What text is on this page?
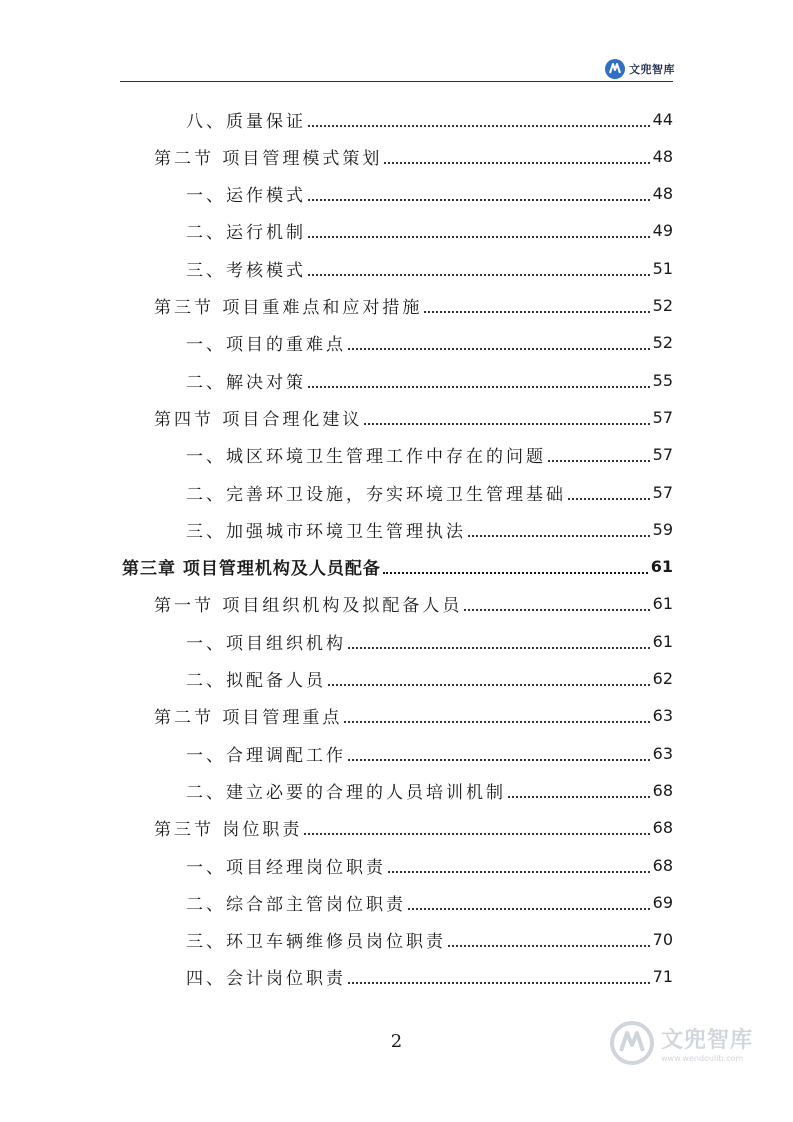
文兜智库
八、质量保证	44
第二节 项目管理模式策划	48
一、运作模式	48
二、运行机制	49
三、考核模式	51
第三节 项目重难点和应对措施	52
一、项目的重难点	52
二、解决对策	55
第四节 项目合理化建议	57
一、城区环境卫生管理工作中存在的问题	57
二、完善环卫设施，夯实环境卫生管理基础	57
三、加强城市环境卫生管理执法	59
第三章 项目管理机构及人员配备	61
第一节 项目组织机构及拟配备人员	61
一、项目组织机构	61
二、拟配备人员	62
第二节 项目管理重点	63
一、合理调配工作	63
二、建立必要的合理的人员培训机制	68
第三节 岗位职责	68
一、项目经理岗位职责	68
二、综合部主管岗位职责	69
三、环卫车辆维修员岗位职责	70
四、会计岗位职责	71
2	文兜智库
www.wendoulib.com
